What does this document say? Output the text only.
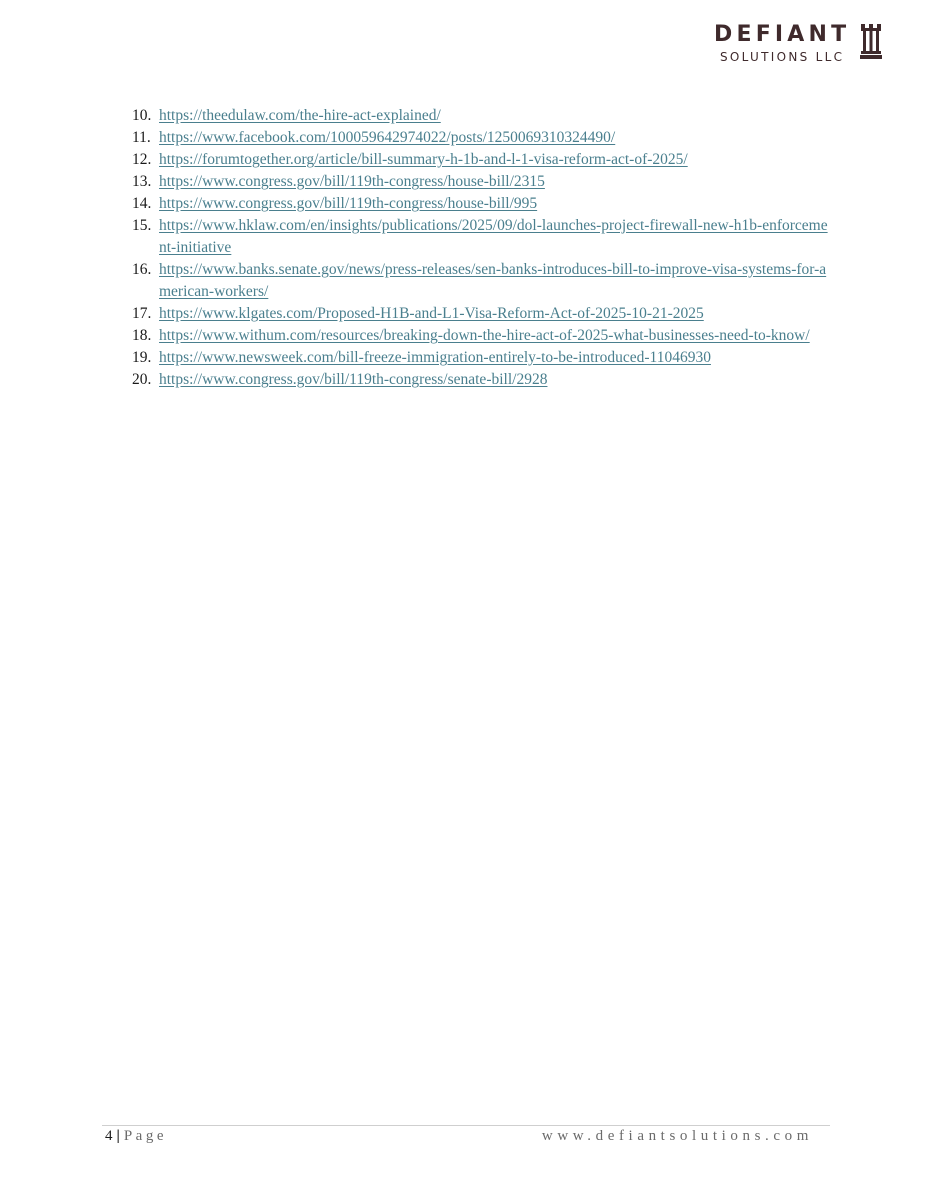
DEFIANT
SOLUTIONS LLC
10. https://theedulaw.com/the-hire-act-explained/
11. https://www.facebook.com/100059642974022/posts/1250069310324490/
12. https://forumtogether.org/article/bill-summary-h-1b-and-l-1-visa-reform-act-of-2025/
13. https://www.congress.gov/bill/119th-congress/house-bill/2315
14. https://www.congress.gov/bill/119th-congress/house-bill/995
15. https://www.hklaw.com/en/insights/publications/2025/09/dol-launches-project-firewall-new-h1b-enforcement-initiative
16. https://www.banks.senate.gov/news/press-releases/sen-banks-introduces-bill-to-improve-visa-systems-for-american-workers/
17. https://www.klgates.com/Proposed-H1B-and-L1-Visa-Reform-Act-of-2025-10-21-2025
18. https://www.withum.com/resources/breaking-down-the-hire-act-of-2025-what-businesses-need-to-know/
19. https://www.newsweek.com/bill-freeze-immigration-entirely-to-be-introduced-11046930
20. https://www.congress.gov/bill/119th-congress/senate-bill/2928
4 | Page	www.defiantsolutions.com
